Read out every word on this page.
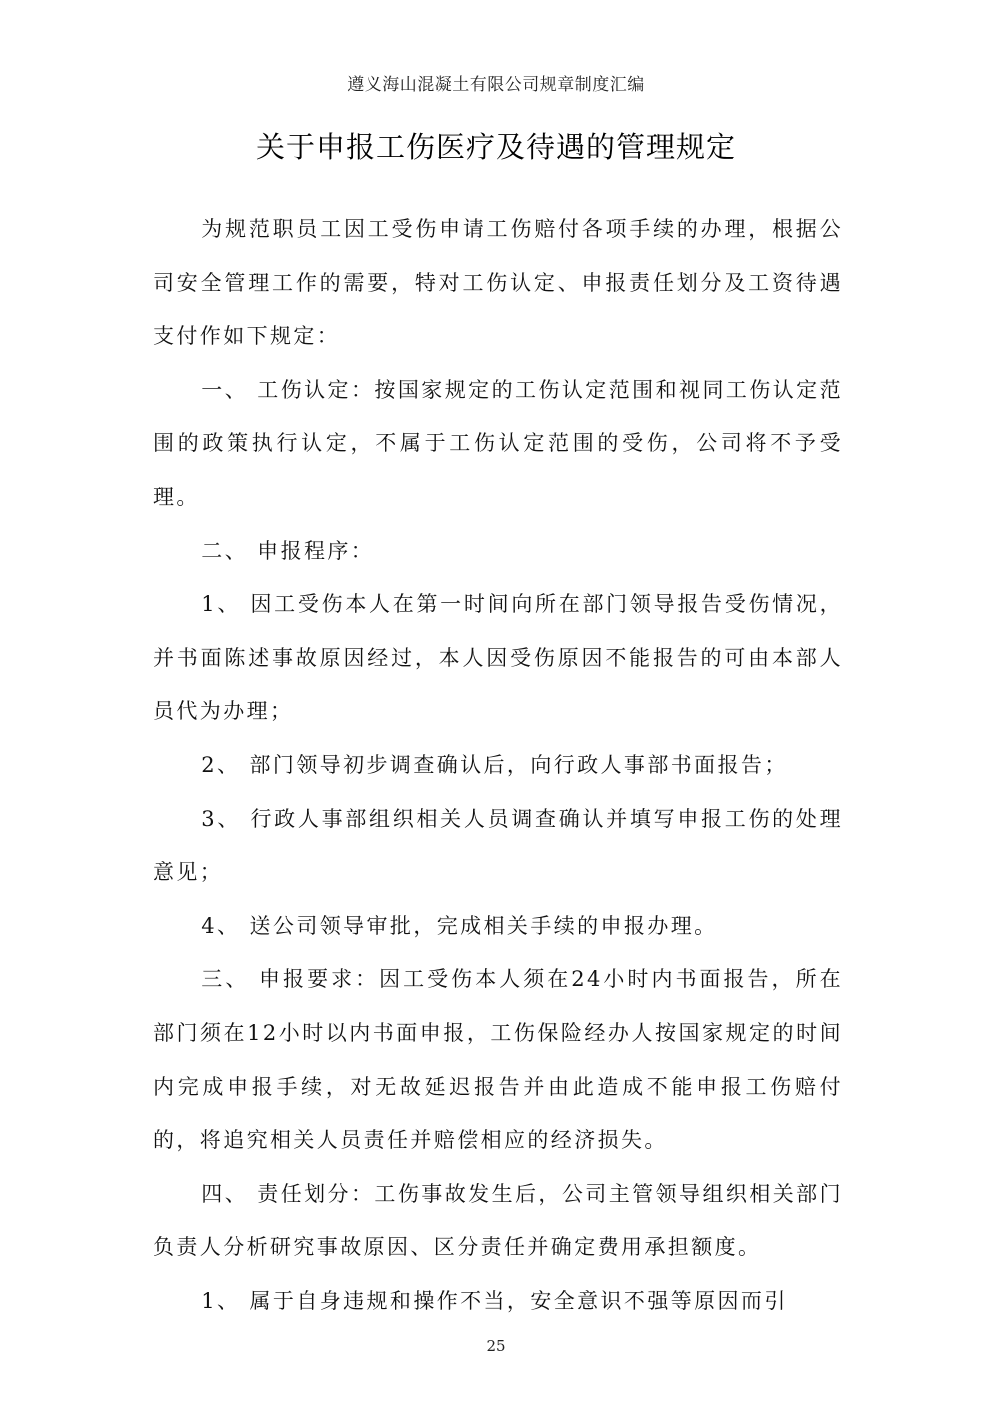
遵义海山混凝土有限公司规章制度汇编
关于申报工伤医疗及待遇的管理规定

为规范职员工因工受伤申请工伤赔付各项手续的办理，根据公司安全管理工作的需要，特对工伤认定、申报责任划分及工资待遇支付作如下规定：

一、 工伤认定：按国家规定的工伤认定范围和视同工伤认定范围的政策执行认定，不属于工伤认定范围的受伤，公司将不予受理。

二、 申报程序：

1、 因工受伤本人在第一时间向所在部门领导报告受伤情况，并书面陈述事故原因经过，本人因受伤原因不能报告的可由本部人员代为办理；

2、 部门领导初步调查确认后，向行政人事部书面报告；

3、 行政人事部组织相关人员调查确认并填写申报工伤的处理意见；

4、 送公司领导审批，完成相关手续的申报办理。

三、 申报要求：因工受伤本人须在24小时内书面报告，所在部门须在12小时以内书面申报，工伤保险经办人按国家规定的时间内完成申报手续，对无故延迟报告并由此造成不能申报工伤赔付的，将追究相关人员责任并赔偿相应的经济损失。

四、 责任划分：工伤事故发生后，公司主管领导组织相关部门负责人分析研究事故原因、区分责任并确定费用承担额度。

1、 属于自身违规和操作不当，安全意识不强等原因而引

25
